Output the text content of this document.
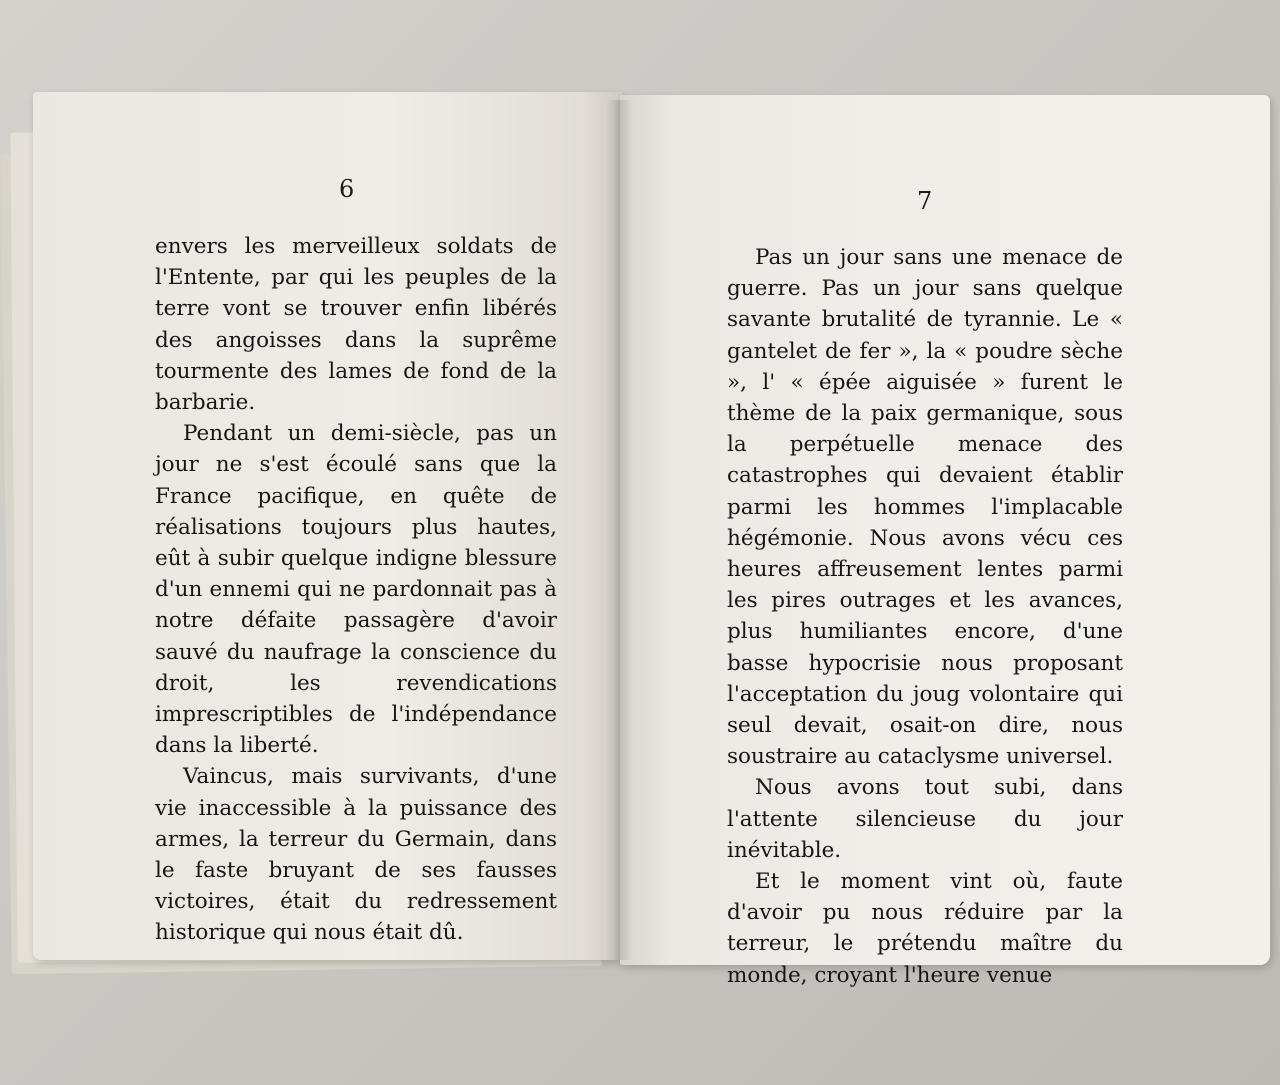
6

envers les merveilleux soldats de l'Entente, par qui les peuples de la terre vont se trouver enfin libérés des angoisses dans la suprême tourmente des lames de fond de la barbarie.

Pendant un demi-siècle, pas un jour ne s'est écoulé sans que la France pacifique, en quête de réalisations toujours plus hautes, eût à subir quelque indigne blessure d'un ennemi qui ne pardonnait pas à notre défaite passagère d'avoir sauvé du naufrage la conscience du droit, les revendications imprescriptibles de l'indépendance dans la liberté.

Vaincus, mais survivants, d'une vie inaccessible à la puissance des armes, la terreur du Germain, dans le faste bruyant de ses fausses victoires, était du redressement historique qui nous était dû.

7

Pas un jour sans une menace de guerre. Pas un jour sans quelque savante brutalité de tyrannie. Le « gantelet de fer », la « poudre sèche », l' « épée aiguisée » furent le thème de la paix germanique, sous la perpétuelle menace des catastrophes qui devaient établir parmi les hommes l'implacable hégémonie. Nous avons vécu ces heures affreusement lentes parmi les pires outrages et les avances, plus humiliantes encore, d'une basse hypocrisie nous proposant l'acceptation du joug volontaire qui seul devait, osait-on dire, nous soustraire au cataclysme universel.

Nous avons tout subi, dans l'attente silencieuse du jour inévitable.

Et le moment vint où, faute d'avoir pu nous réduire par la terreur, le prétendu maître du monde, croyant l'heure venue
